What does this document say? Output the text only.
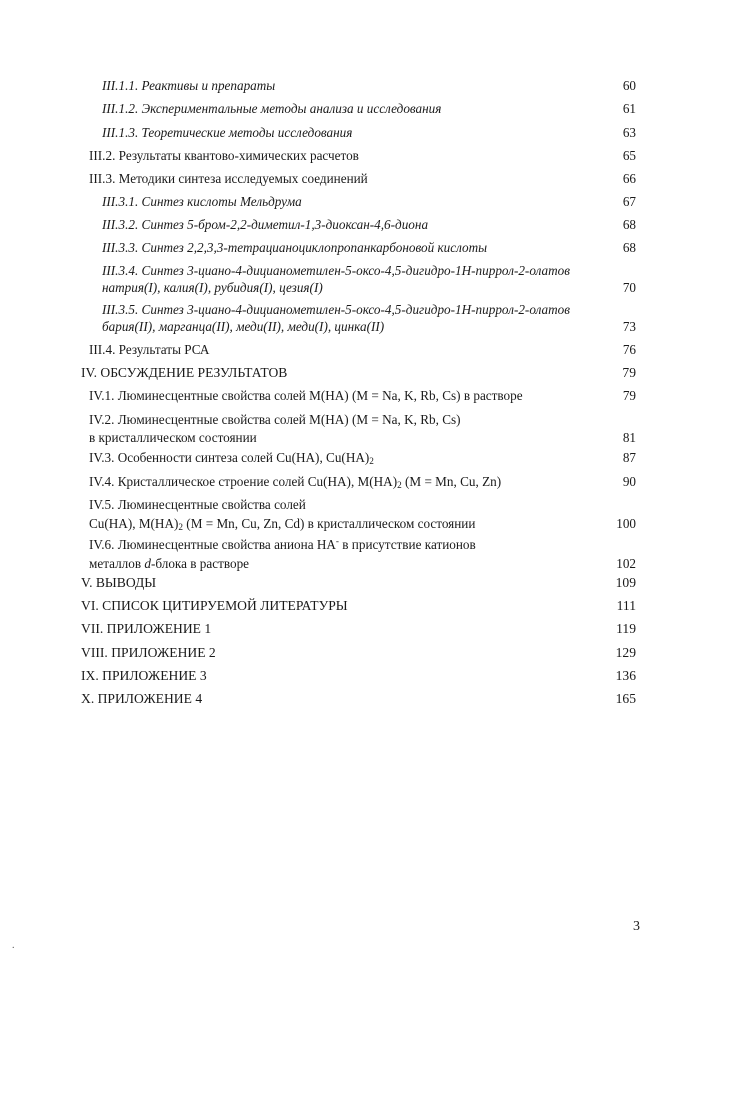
III.1.1. Реактивы и препараты	60
III.1.2. Экспериментальные методы анализа и исследования	61
III.1.3. Теоретические методы исследования	63
III.2. Результаты квантово-химических расчетов	65
III.3. Методики синтеза исследуемых соединений	66
III.3.1. Синтез кислоты Мельдрума	67
III.3.2. Синтез 5-бром-2,2-диметил-1,3-диоксан-4,6-диона	68
III.3.3. Синтез 2,2,3,3-тетрацианоциклопропанкарбоновой кислоты	68
III.3.4. Синтез 3-циано-4-дицианометилен-5-оксо-4,5-дигидро-1H-пиррол-2-олатов
натрия(I), калия(I), рубидия(I), цезия(I)	70
III.3.5. Синтез 3-циано-4-дицианометилен-5-оксо-4,5-дигидро-1H-пиррол-2-олатов
бария(II), марганца(II), меди(II), меди(I), цинка(II)	73
III.4. Результаты РСА	76
IV. ОБСУЖДЕНИЕ РЕЗУЛЬТАТОВ	79
IV.1. Люминесцентные свойства солей M(HA) (M = Na, K, Rb, Cs) в растворе	79
IV.2. Люминесцентные свойства солей M(HA) (M = Na, K, Rb, Cs)
в кристаллическом состоянии	81
IV.3. Особенности синтеза солей Cu(HA), $Cu(HA)_2$	87
IV.4. Кристаллическое строение солей Cu(HA), $M(HA)_2$ (M = Mn, Cu, Zn)	90
IV.5. Люминесцентные свойства солей
Cu(HA), $M(HA)_2$ (M = Mn, Cu, Zn, Cd) в кристаллическом состоянии	100
IV.6. Люминесцентные свойства аниона HA- в присутствие катионов
металлов d-блока в растворе	102
V. ВЫВОДЫ	109
VI. СПИСОК ЦИТИРУЕМОЙ ЛИТЕРАТУРЫ	111
VII. ПРИЛОЖЕНИЕ 1	119
VIII. ПРИЛОЖЕНИЕ 2	129
IX. ПРИЛОЖЕНИЕ 3	136
X. ПРИЛОЖЕНИЕ 4	165
3
.
